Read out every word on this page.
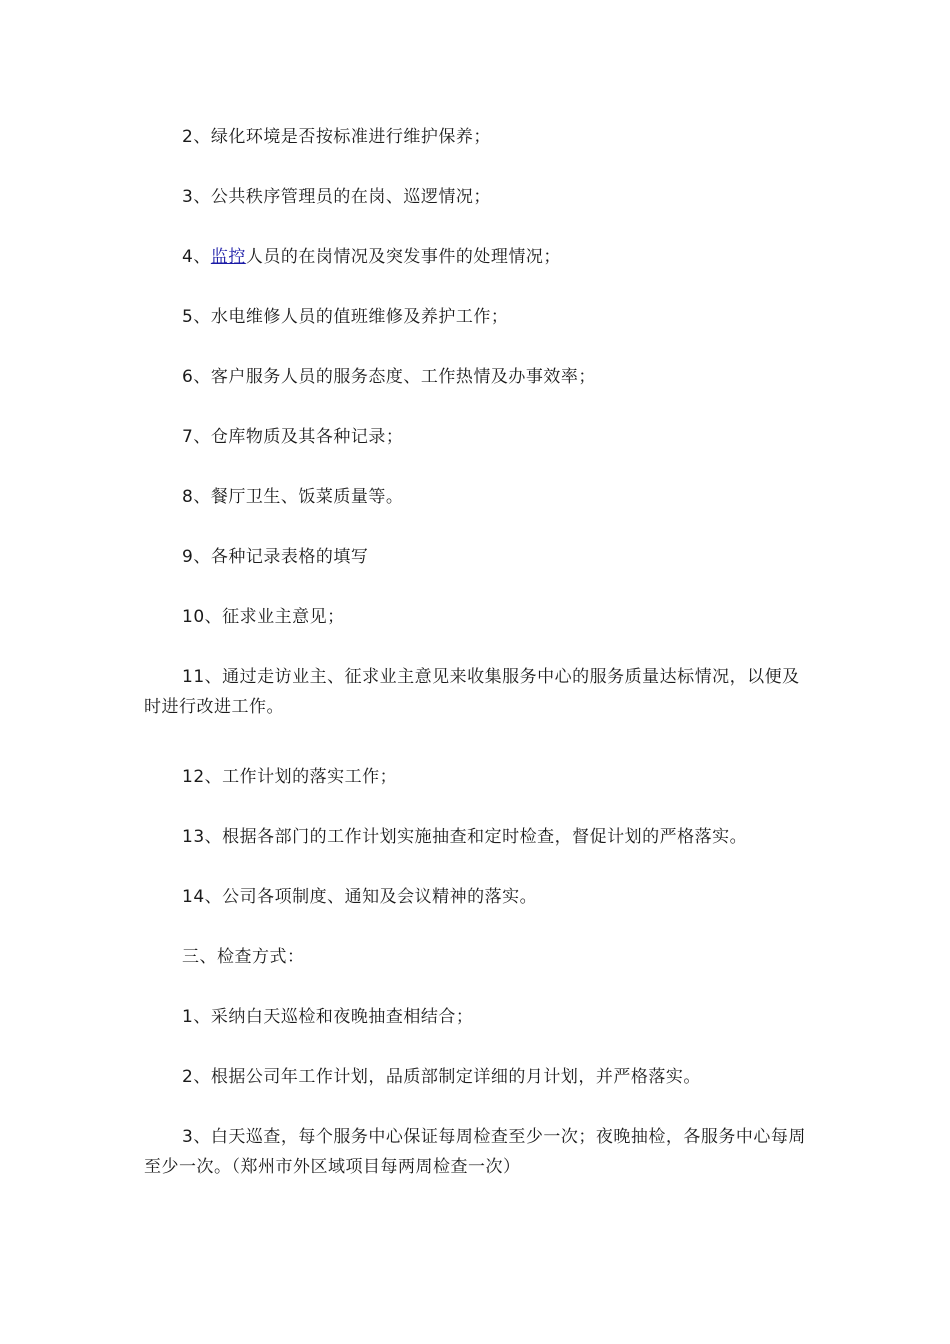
2、绿化环境是否按标准进行维护保养；

3、公共秩序管理员的在岗、巡逻情况；

4、监控人员的在岗情况及突发事件的处理情况；

5、水电维修人员的值班维修及养护工作；

6、客户服务人员的服务态度、工作热情及办事效率；

7、仓库物质及其各种记录；

8、餐厅卫生、饭菜质量等。

9、各种记录表格的填写

10、征求业主意见；

11、通过走访业主、征求业主意见来收集服务中心的服务质量达标情况，以便及时进行改进工作。

12、工作计划的落实工作；

13、根据各部门的工作计划实施抽查和定时检查，督促计划的严格落实。

14、公司各项制度、通知及会议精神的落实。

三、检查方式：

1、采纳白天巡检和夜晚抽查相结合；

2、根据公司年工作计划，品质部制定详细的月计划，并严格落实。

3、白天巡查，每个服务中心保证每周检查至少一次；夜晚抽检，各服务中心每周至少一次。（郑州市外区域项目每两周检查一次）
